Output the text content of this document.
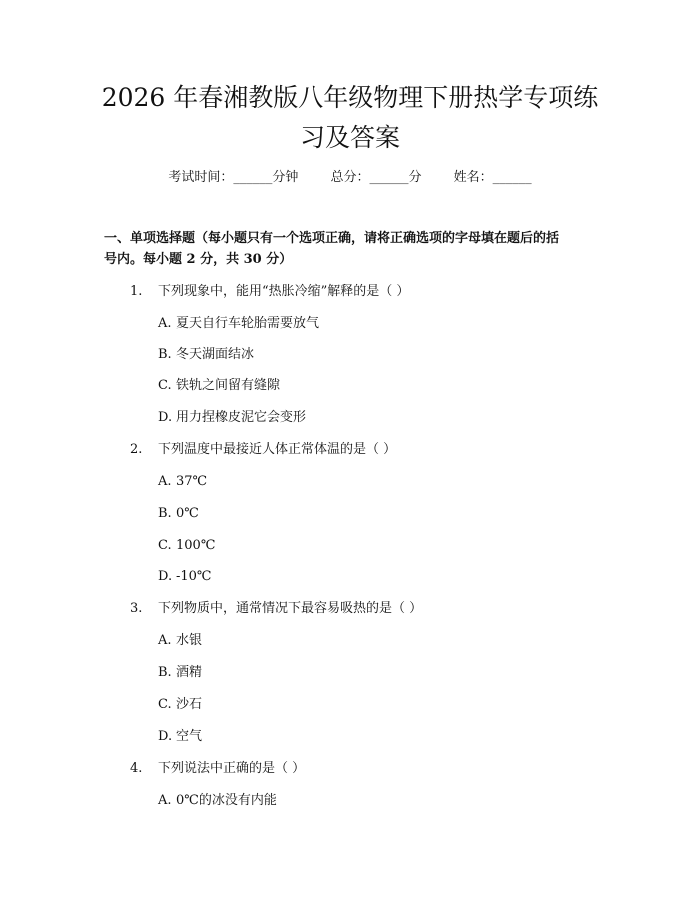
2026 年春湘教版八年级物理下册热学专项练
习及答案
考试时间：______分钟 总分：______分 姓名：______
一、单项选择题（每小题只有一个选项正确，请将正确选项的字母填在题后的括
号内。每小题 2 分，共 30 分）
1. 下列现象中，能用“热胀冷缩”解释的是（ ）
A. 夏天自行车轮胎需要放气
B. 冬天湖面结冰
C. 铁轨之间留有缝隙
D. 用力捏橡皮泥它会变形
2. 下列温度中最接近人体正常体温的是（ ）
A. 37℃
B. 0℃
C. 100℃
D. -10℃
3. 下列物质中，通常情况下最容易吸热的是（ ）
A. 水银
B. 酒精
C. 沙石
D. 空气
4. 下列说法中正确的是（ ）
A. 0℃的冰没有内能
